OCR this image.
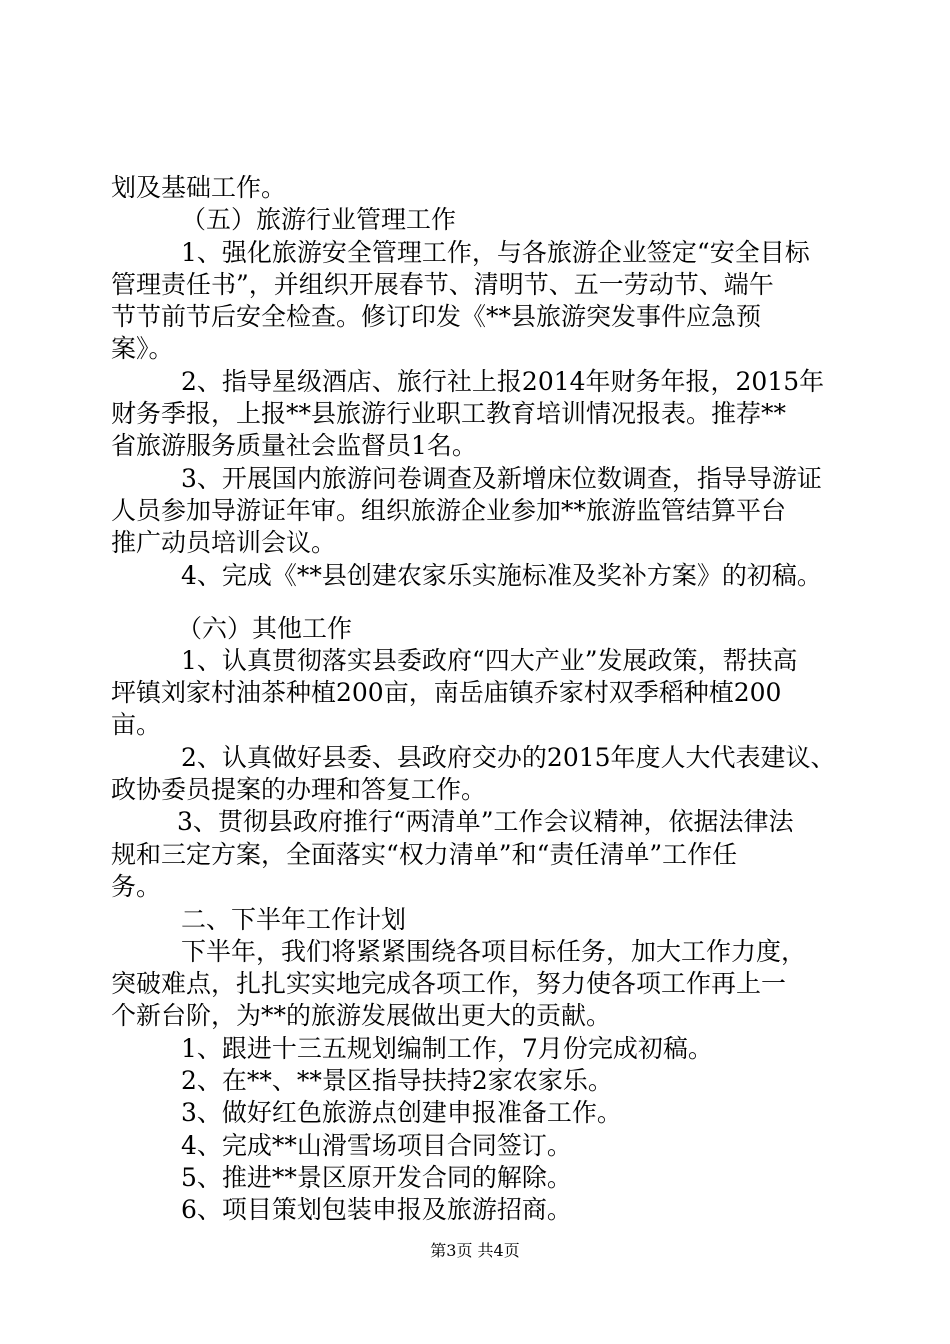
划及基础工作。
（五）旅游行业管理工作
1、强化旅游安全管理工作，与各旅游企业签定“安全目标
管理责任书”，并组织开展春节、清明节、五一劳动节、端午
节节前节后安全检查。修订印发《**县旅游突发事件应急预
案》。
2、指导星级酒店、旅行社上报2014年财务年报，2015年
财务季报，上报**县旅游行业职工教育培训情况报表。推荐**
省旅游服务质量社会监督员1名。
3、开展国内旅游问卷调查及新增床位数调查，指导导游证
人员参加导游证年审。组织旅游企业参加**旅游监管结算平台
推广动员培训会议。
4、完成《**县创建农家乐实施标准及奖补方案》的初稿。
（六）其他工作
1、认真贯彻落实县委政府“四大产业”发展政策，帮扶高
坪镇刘家村油茶种植200亩，南岳庙镇乔家村双季稻种植200
亩。
2、认真做好县委、县政府交办的2015年度人大代表建议、
政协委员提案的办理和答复工作。
3、贯彻县政府推行“两清单”工作会议精神，依据法律法
规和三定方案，全面落实“权力清单”和“责任清单”工作任
务。
二、下半年工作计划
下半年，我们将紧紧围绕各项目标任务，加大工作力度，
突破难点，扎扎实实地完成各项工作，努力使各项工作再上一
个新台阶，为**的旅游发展做出更大的贡献。
1、跟进十三五规划编制工作，7月份完成初稿。
2、在**、**景区指导扶持2家农家乐。
3、做好红色旅游点创建申报准备工作。
4、完成**山滑雪场项目合同签订。
5、推进**景区原开发合同的解除。
6、项目策划包装申报及旅游招商。
第3页 共4页
